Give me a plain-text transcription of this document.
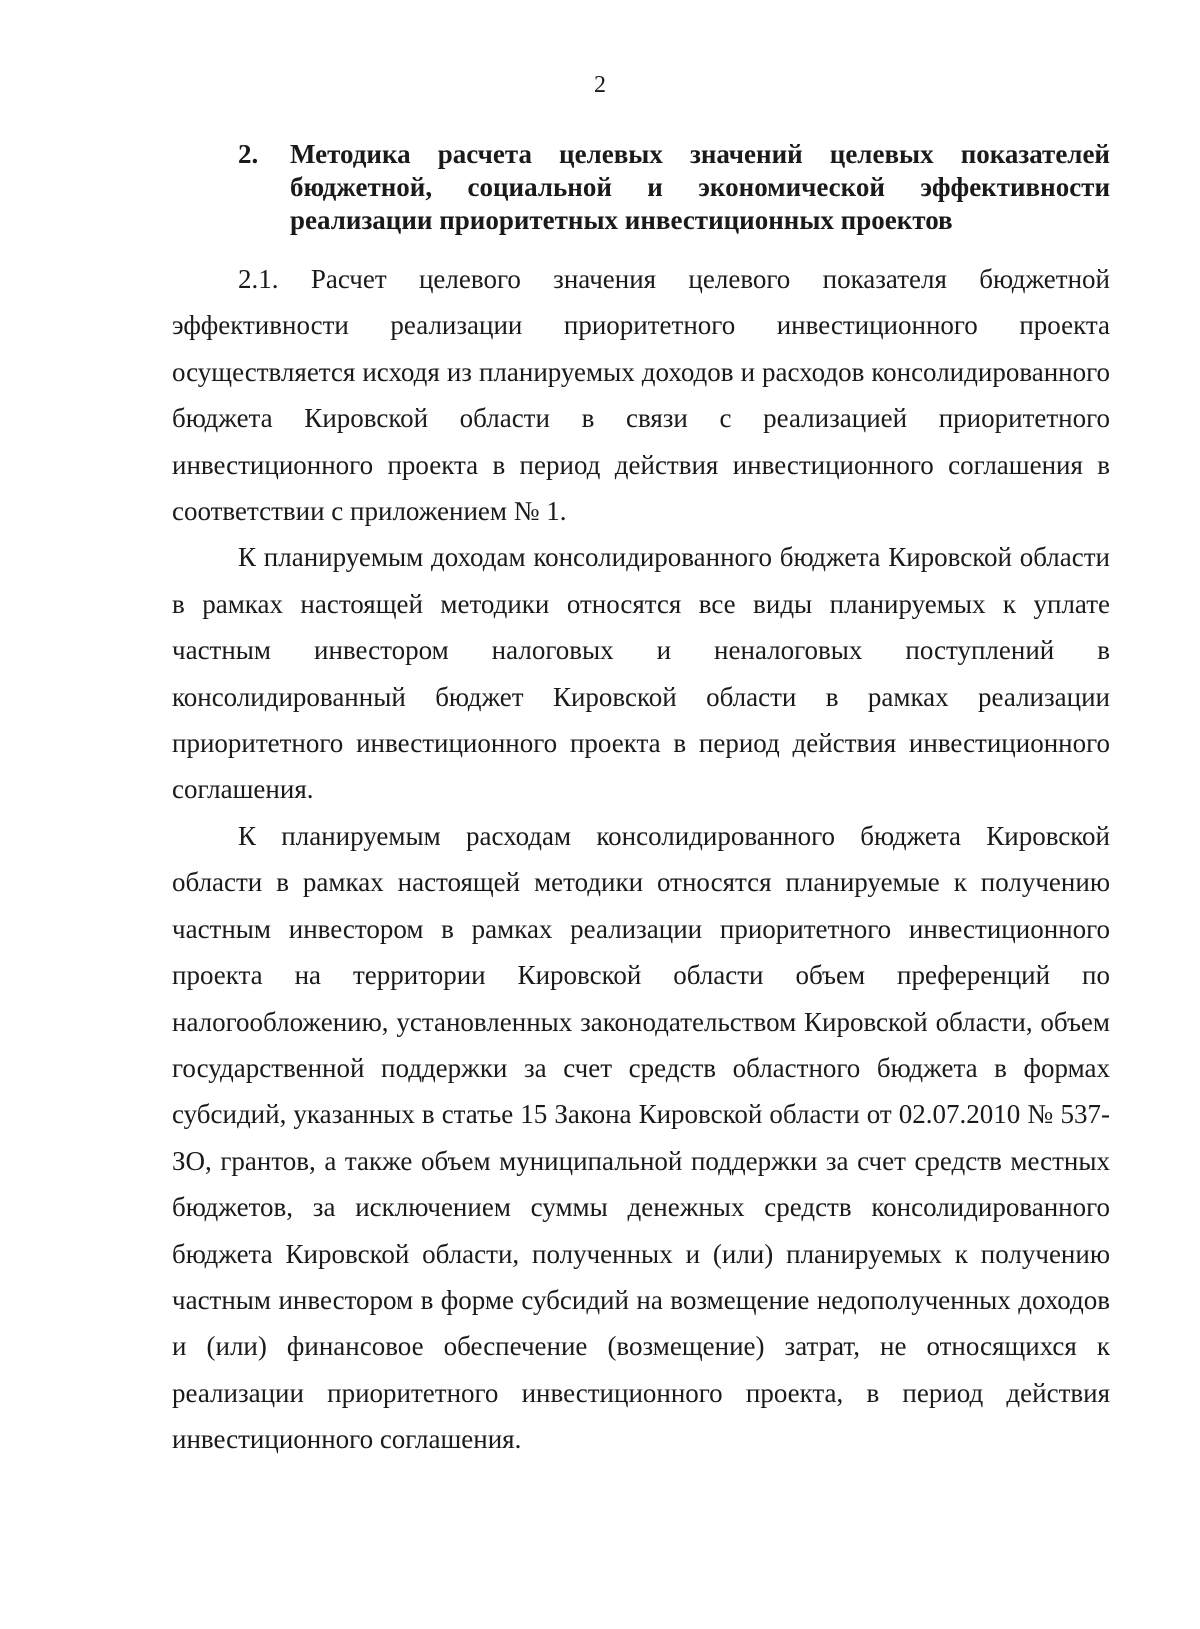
2
2.	Методика расчета целевых значений целевых показателей бюджетной, социальной и экономической эффективности реализации приоритетных инвестиционных проектов

2.1. Расчет целевого значения целевого показателя бюджетной эффективности реализации приоритетного инвестиционного проекта осуществляется исходя из планируемых доходов и расходов консолидированного бюджета Кировской области в связи с реализацией приоритетного инвестиционного проекта в период действия инвестиционного соглашения в соответствии с приложением № 1.

К планируемым доходам консолидированного бюджета Кировской области в рамках настоящей методики относятся все виды планируемых к уплате частным инвестором налоговых и неналоговых поступлений в консолидированный бюджет Кировской области в рамках реализации приоритетного инвестиционного проекта в период действия инвестиционного соглашения.

К планируемым расходам консолидированного бюджета Кировской области в рамках настоящей методики относятся планируемые к получению частным инвестором в рамках реализации приоритетного инвестиционного проекта на территории Кировской области объем преференций по налогообложению, установленных законодательством Кировской области, объем государственной поддержки за счет средств областного бюджета в формах субсидий, указанных в статье 15 Закона Кировской области от 02.07.2010 № 537-ЗО, грантов, а также объем муниципальной поддержки за счет средств местных бюджетов, за исключением суммы денежных средств консолидированного бюджета Кировской области, полученных и (или) планируемых к получению частным инвестором в форме субсидий на возмещение недополученных доходов и (или) финансовое обеспечение (возмещение) затрат, не относящихся к реализации приоритетного инвестиционного проекта, в период действия инвестиционного соглашения.
